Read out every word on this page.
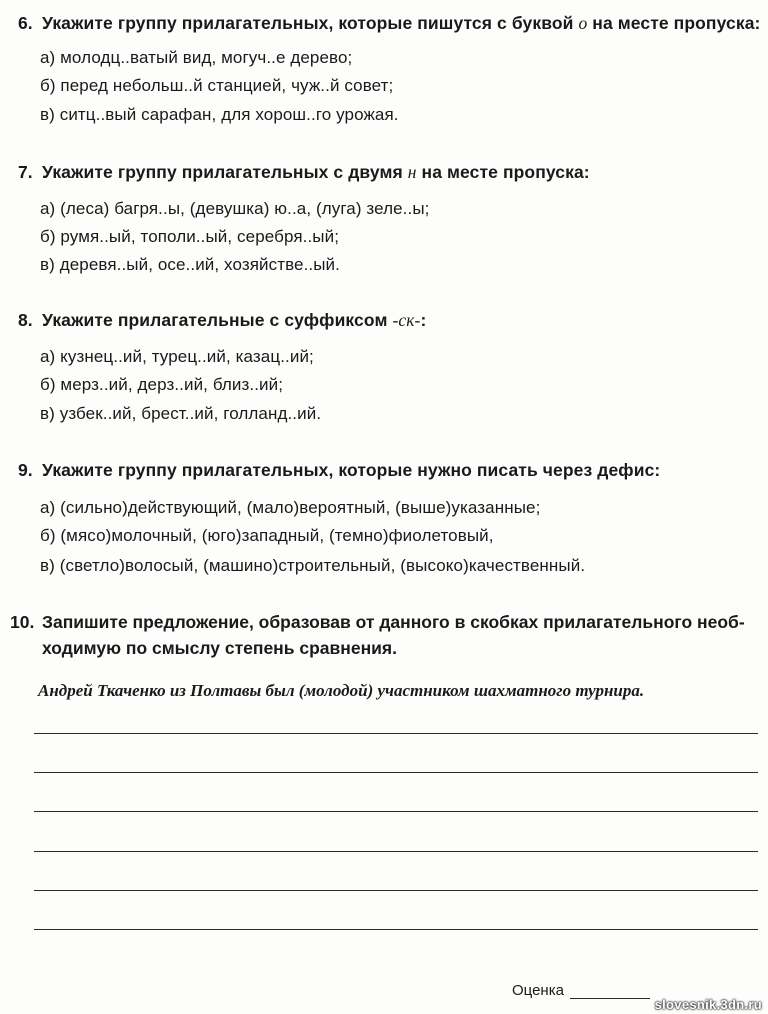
6. Укажите группу прилагательных, которые пишутся с буквой о на месте пропуска:
а) молодц..ватый вид, могуч..е дерево;
б) перед небольш..й станцией, чуж..й совет;
в) ситц..вый сарафан, для хорош..го урожая.
7. Укажите группу прилагательных с двумя н на месте пропуска:
а) (леса) багря..ы, (девушка) ю..а, (луга) зеле..ы;
б) румя..ый, тополи..ый, серебря..ый;
в) деревя..ый, осе..ий, хозяйстве..ый.
8. Укажите прилагательные с суффиксом -ск-:
а) кузнец..ий, турец..ий, казац..ий;
б) мерз..ий, дерз..ий, близ..ий;
в) узбек..ий, брест..ий, голланд..ий.
9. Укажите группу прилагательных, которые нужно писать через дефис:
а) (сильно)действующий, (мало)вероятный, (выше)указанные;
б) (мясо)молочный, (юго)западный, (темно)фиолетовый,
в) (светло)волосый, (машино)строительный, (высоко)качественный.
10. Запишите предложение, образовав от данного в скобках прилагательного необ-
ходимую по смыслу степень сравнения.
Андрей Ткаченко из Полтавы был (молодой) участником шахматного турнира.
Оценка
slovesnik.3dn.ru
